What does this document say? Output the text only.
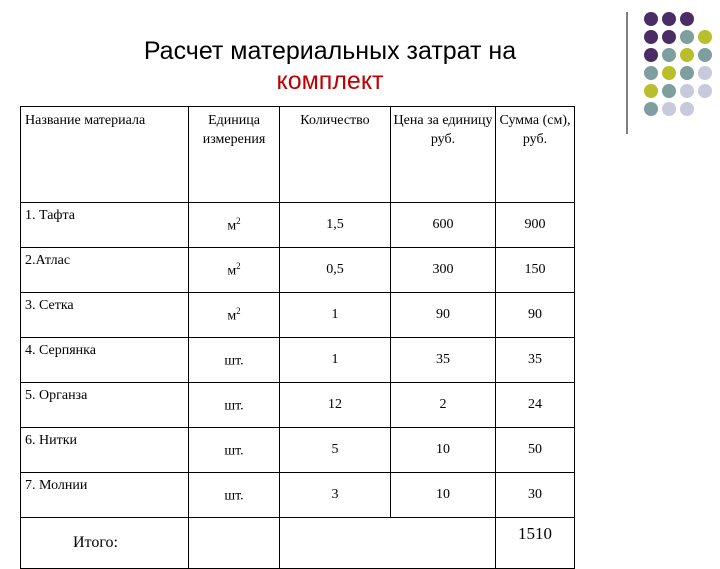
Расчет материальных затрат на
комплект
Название материала	Единица измерения	Количество	Цена за единицу руб.	Сумма (см), руб.
1. Тафта	$м^2$	1,5	600	900
2.Атлас	$м^2$	0,5	300	150
3. Сетка	$м^2$	1	90	90
4. Серпянка	шт.	1	35	35
5. Органза	шт.	12	2	24
6. Нитки	шт.	5	10	50
7. Молнии	шт.	3	10	30
Итого:				1510
